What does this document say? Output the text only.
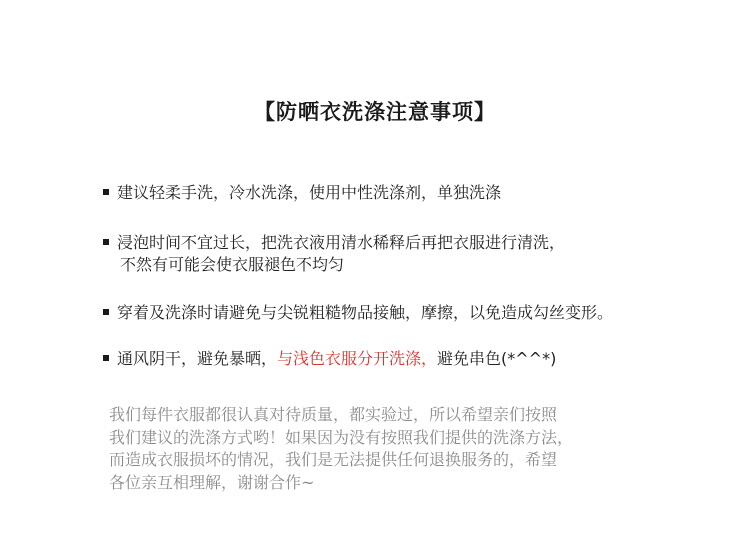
【防晒衣洗涤注意事项】
建议轻柔手洗，冷水洗涤，使用中性洗涤剂，单独洗涤
浸泡时间不宜过长，把洗衣液用清水稀释后再把衣服进行清洗，
不然有可能会使衣服褪色不均匀
穿着及洗涤时请避免与尖锐粗糙物品接触，摩擦，以免造成勾丝变形。
通风阴干，避免暴晒，与浅色衣服分开洗涤，避免串色(*^^*)
我们每件衣服都很认真对待质量，都实验过，所以希望亲们按照
我们建议的洗涤方式哟！如果因为没有按照我们提供的洗涤方法，
而造成衣服损坏的情况，我们是无法提供任何退换服务的，希望
各位亲互相理解，谢谢合作~
